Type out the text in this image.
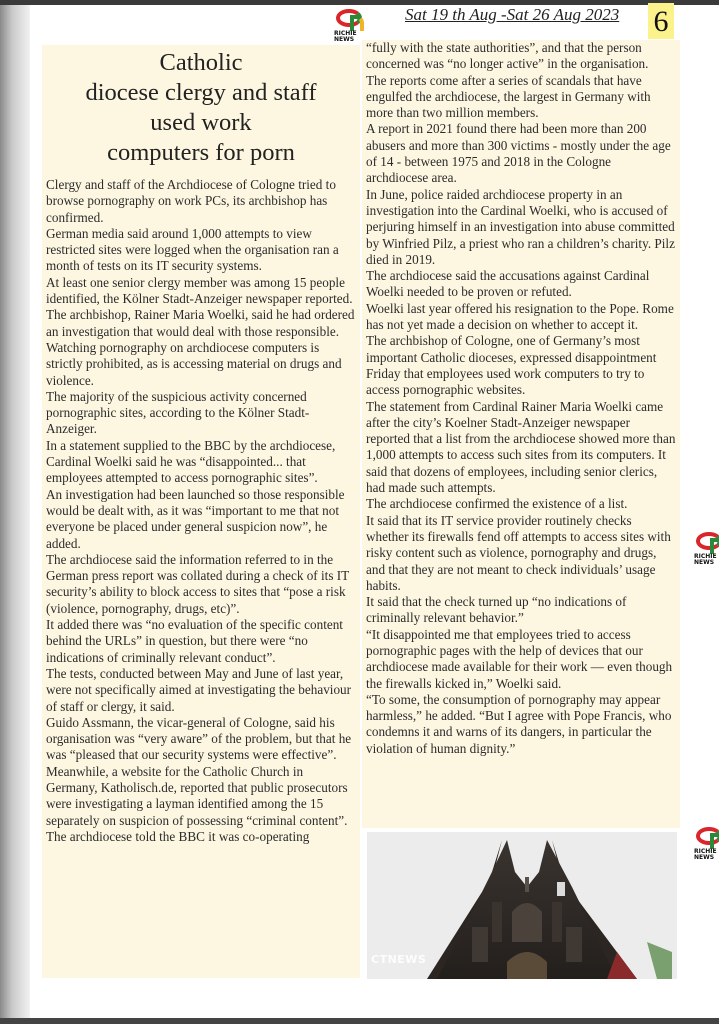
RICHIE
NEWS
Sat 19 th Aug -Sat 26 Aug 2023 6
RICHIE
NEWS
RICHIE
NEWS
Catholic
diocese clergy and staff
used work
computers for porn

Clergy and staff of the Archdiocese of Cologne tried to browse pornography on work PCs, its archbishop has confirmed.

German media said around 1,000 attempts to view restricted sites were logged when the organisation ran a month of tests on its IT security systems.

At least one senior clergy member was among 15 people identified, the Kölner Stadt-Anzeiger newspaper reported.

The archbishop, Rainer Maria Woelki, said he had ordered an investigation that would deal with those responsible.

Watching pornography on archdiocese computers is strictly prohibited, as is accessing material on drugs and violence.

The majority of the suspicious activity concerned pornographic sites, according to the Kölner Stadt-Anzeiger.

In a statement supplied to the BBC by the archdiocese, Cardinal Woelki said he was “disappointed... that employees attempted to access pornographic sites”.

An investigation had been launched so those responsible would be dealt with, as it was “important to me that not everyone be placed under general suspicion now”, he added.

The archdiocese said the information referred to in the German press report was collated during a check of its IT security’s ability to block access to sites that “pose a risk (violence, pornography, drugs, etc)”.

It added there was “no evaluation of the specific content behind the URLs” in question, but there were “no indications of criminally relevant conduct”.

The tests, conducted between May and June of last year, were not specifically aimed at investigating the behaviour of staff or clergy, it said.

Guido Assmann, the vicar-general of Cologne, said his organisation was “very aware” of the problem, but that he was “pleased that our security systems were effective”. Meanwhile, a website for the Catholic Church in Germany, Katholisch.de, reported that public prosecutors were investigating a layman identified among the 15 separately on suspicion of possessing “criminal content”.

The archdiocese told the BBC it was co-operating

“fully with the state authorities”, and that the person concerned was “no longer active” in the organisation.

The reports come after a series of scandals that have engulfed the archdiocese, the largest in Germany with more than two million members.

A report in 2021 found there had been more than 200 abusers and more than 300 victims - mostly under the age of 14 - between 1975 and 2018 in the Cologne archdiocese area.

In June, police raided archdiocese property in an investigation into the Cardinal Woelki, who is accused of perjuring himself in an investigation into abuse committed by Winfried Pilz, a priest who ran a children’s charity. Pilz died in 2019.

The archdiocese said the accusations against Cardinal Woelki needed to be proven or refuted.

Woelki last year offered his resignation to the Pope. Rome has not yet made a decision on whether to accept it.

The archbishop of Cologne, one of Germany’s most important Catholic dioceses, expressed disappointment Friday that employees used work computers to try to access pornographic websites.

The statement from Cardinal Rainer Maria Woelki came after the city’s Koelner Stadt-Anzeiger newspaper reported that a list from the archdiocese showed more than 1,000 attempts to access such sites from its computers. It said that dozens of employees, including senior clerics, had made such attempts.

The archdiocese confirmed the existence of a list.

It said that its IT service provider routinely checks whether its firewalls fend off attempts to access sites with risky content such as violence, pornography and drugs, and that they are not meant to check individuals’ usage habits.

It said that the check turned up “no indications of criminally relevant behavior.”

“It disappointed me that employees tried to access pornographic pages with the help of devices that our archdiocese made available for their work — even though the firewalls kicked in,” Woelki said.

“To some, the consumption of pornography may appear harmless,” he added. “But I agree with Pope Francis, who condemns it and warns of its dangers, in particular the violation of human dignity.”

CTNEWS
